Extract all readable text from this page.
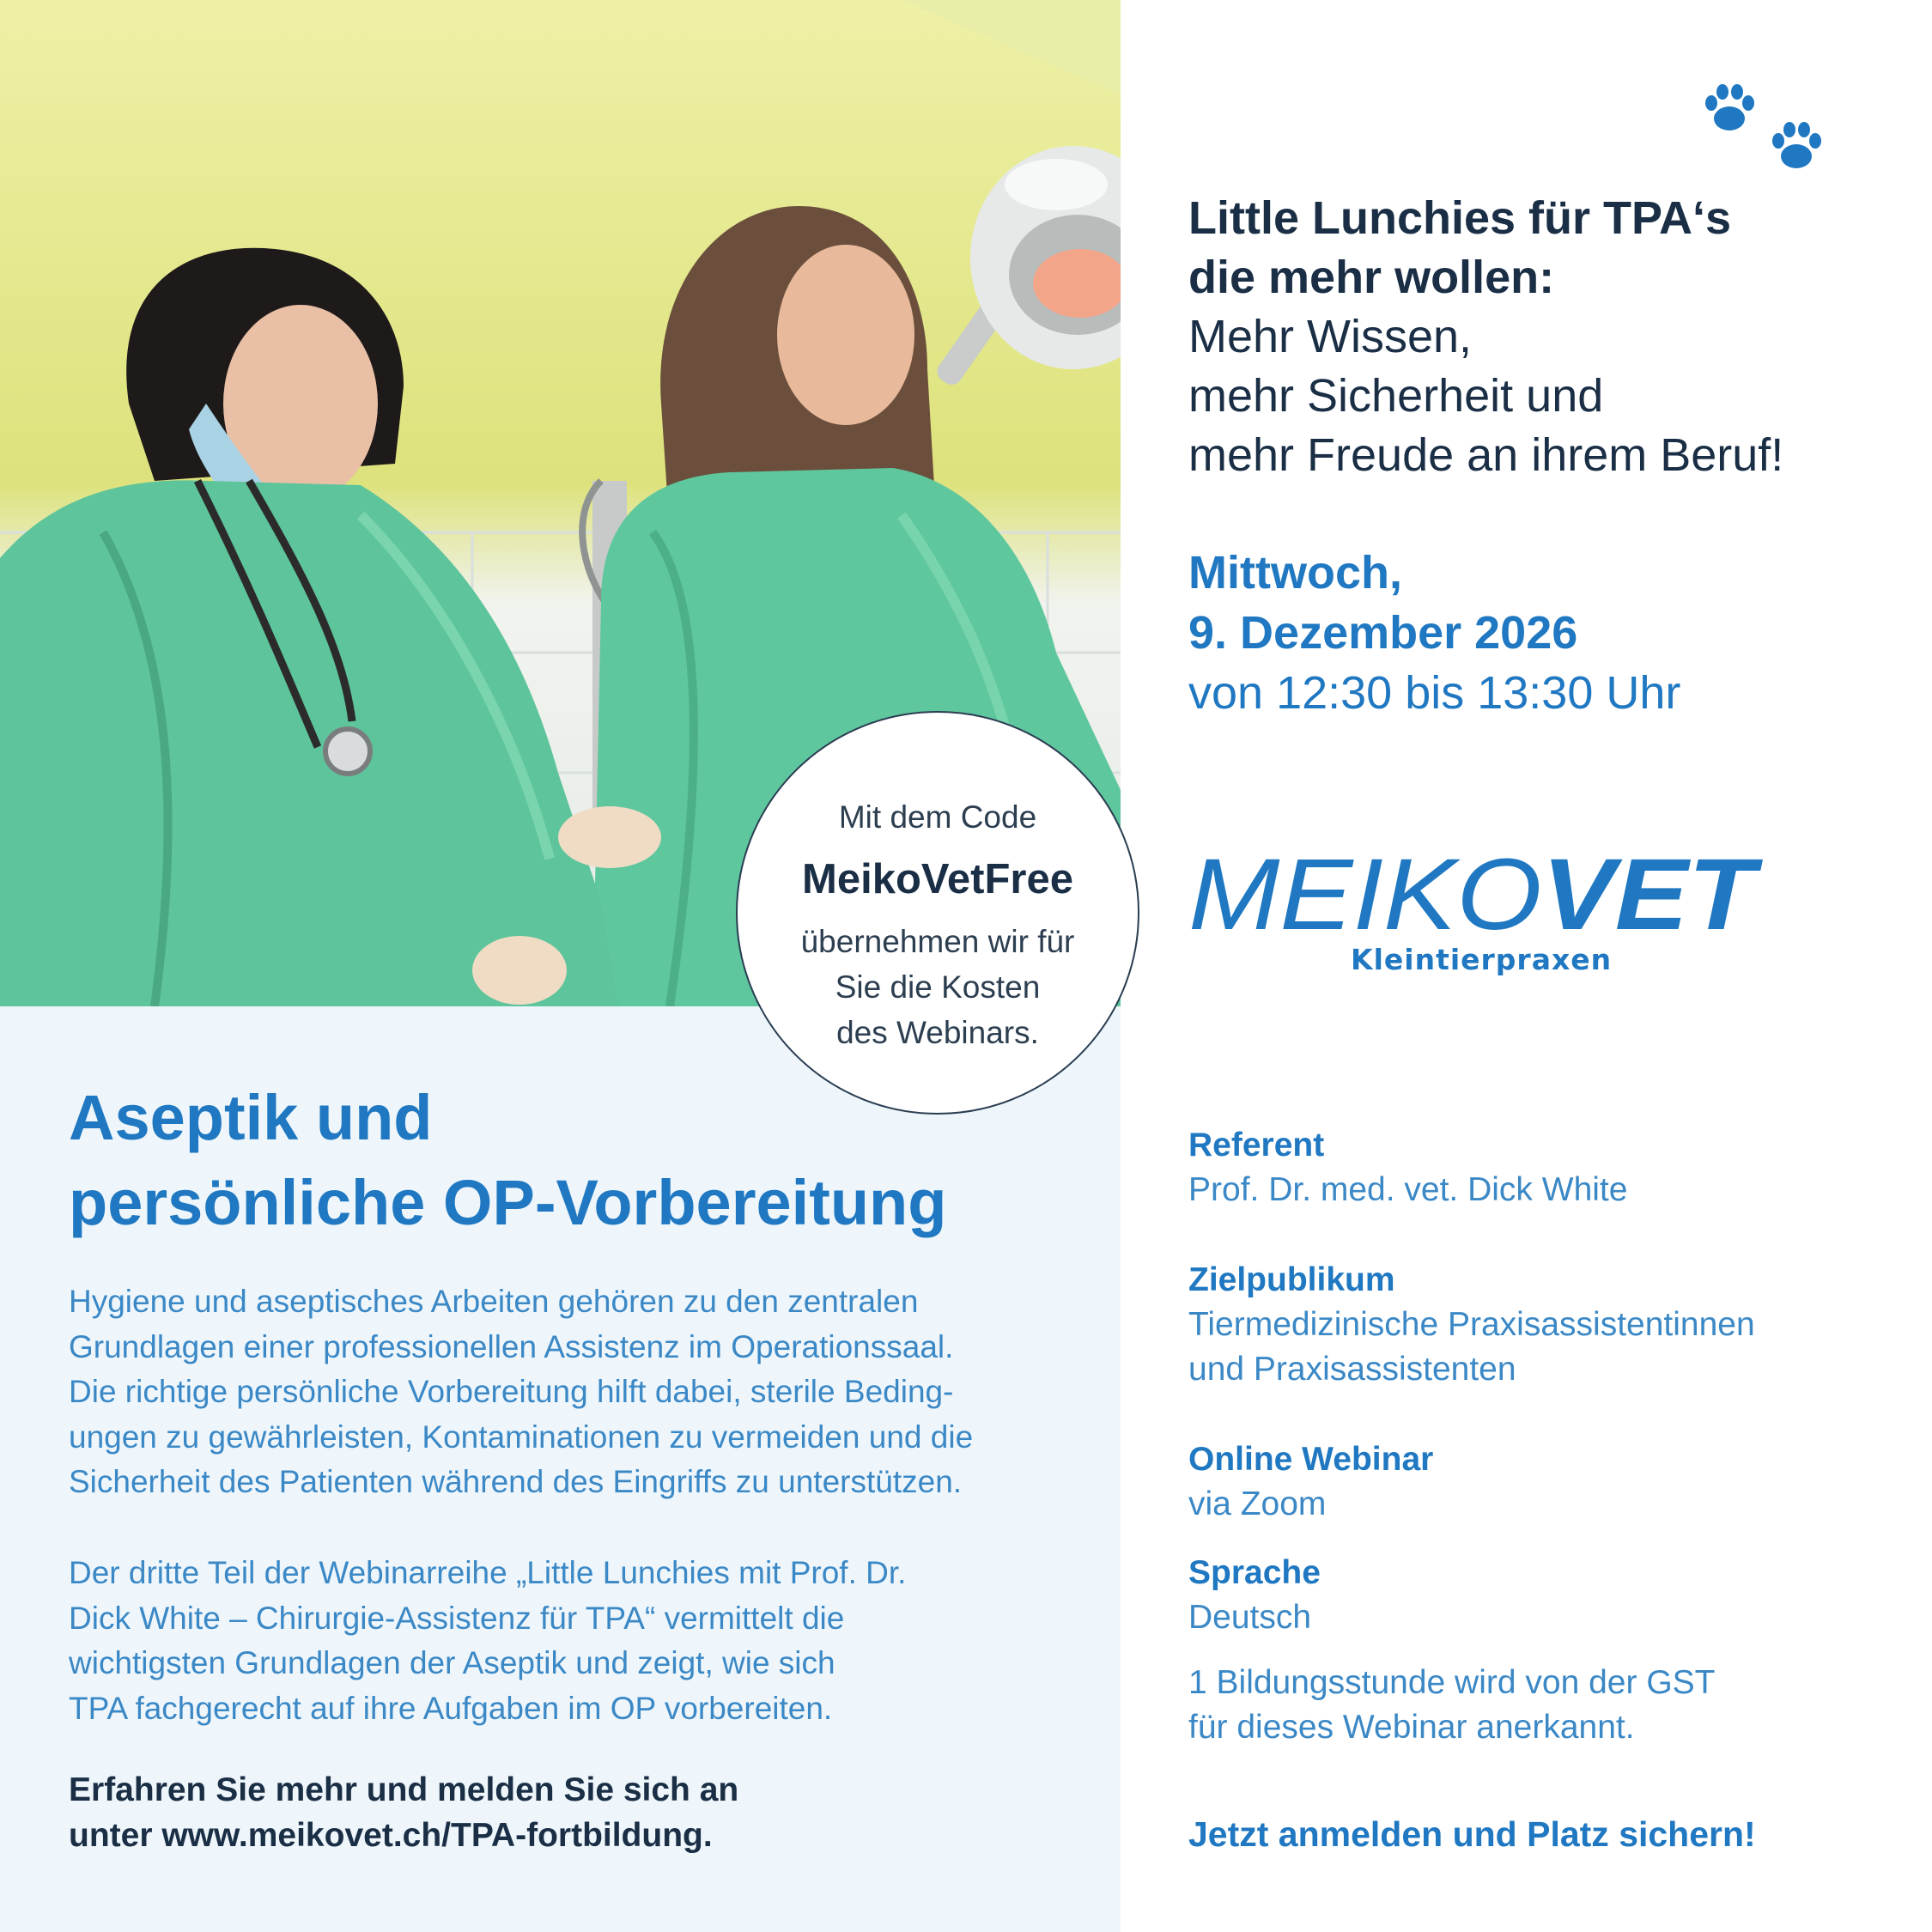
Aseptik und
persönliche OP-Vorbereitung

Hygiene und aseptisches Arbeiten gehören zu den zentralen
Grundlagen einer professionellen Assistenz im Operationssaal.
Die richtige persönliche Vorbereitung hilft dabei, sterile Beding-
ungen zu gewährleisten, Kontaminationen zu vermeiden und die
Sicherheit des Patienten während des Eingriffs zu unterstützen.

Der dritte Teil der Webinarreihe „Little Lunchies mit Prof. Dr.
Dick White – Chirurgie-Assistenz für TPA“ vermittelt die
wichtigsten Grundlagen der Aseptik und zeigt, wie sich
TPA fachgerecht auf ihre Aufgaben im OP vorbereiten.

Erfahren Sie mehr und melden Sie sich an
unter www.meikovet.ch/TPA-fortbildung.

Mit dem Code
MeikoVetFree
übernehmen wir für
Sie die Kosten
des Webinars.

Little Lunchies für TPA‘s
die mehr wollen:
Mehr Wissen,
mehr Sicherheit und
mehr Freude an ihrem Beruf!

Mittwoch,
9. Dezember 2026
von 12:30 bis 13:30 Uhr

MEIKO VET
Kleintierpraxen

Referent
Prof. Dr. med. vet. Dick White

Zielpublikum
Tiermedizinische Praxisassistentinnen
und Praxisassistenten

Online Webinar
via Zoom

Sprache
Deutsch

1 Bildungsstunde wird von der GST
für dieses Webinar anerkannt.

Jetzt anmelden und Platz sichern!
